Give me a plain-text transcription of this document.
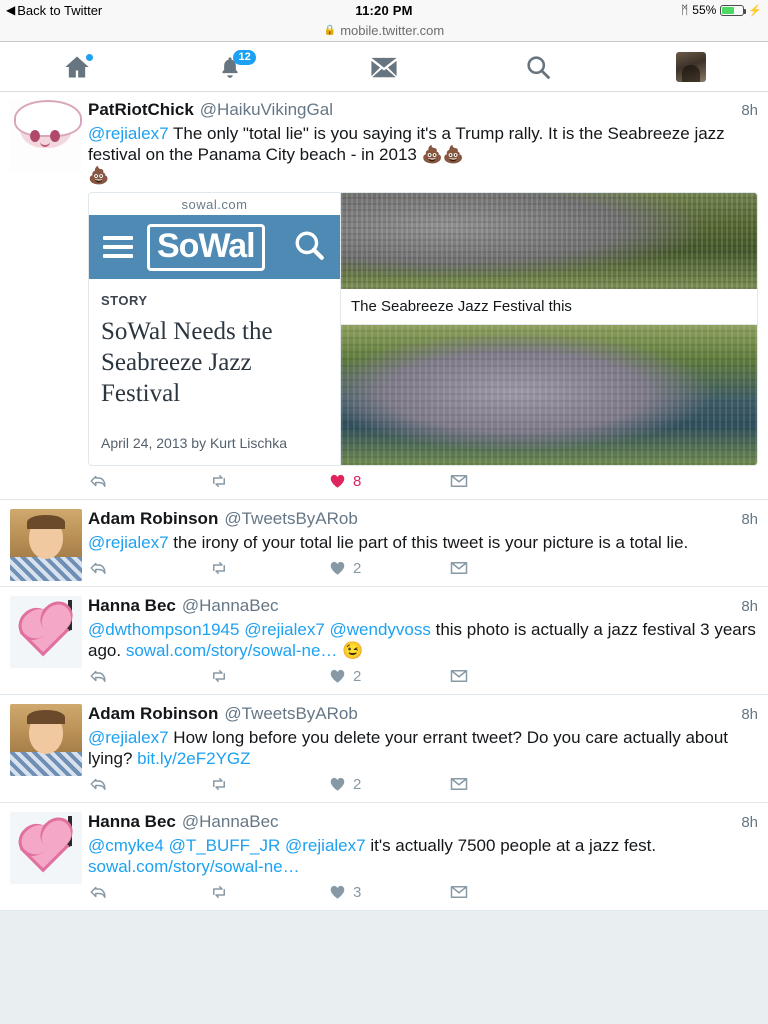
◀ Back to Twitter	11:20 PM	ᛗ 55%	⚡
🔒 mobile.twitter.com
12
PatRiotChick @HaikuVikingGal	8h
@rejialex7 The only "total lie" is you saying it's a Trump rally. It is the Seabreeze jazz festival on the Panama City beach - in 2013 💩💩
💩
sowal.com
SoWal
STORY
SoWal Needs the Seabreeze Jazz Festival
April 24, 2013 by Kurt Lischka
The Seabreeze Jazz Festival this
8
Adam Robinson @TweetsByARob	8h
@rejialex7 the irony of your total lie part of this tweet is your picture is a total lie.
2
Hanna Bec @HannaBec	8h
@dwthompson1945 @rejialex7 @wendyvoss this photo is actually a jazz festival 3 years ago. sowal.com/story/sowal-ne… 😉
2
Adam Robinson @TweetsByARob	8h
@rejialex7 How long before you delete your errant tweet? Do you care actually about lying? bit.ly/2eF2YGZ
2
Hanna Bec @HannaBec	8h
@cmyke4 @T_BUFF_JR @rejialex7 it's actually 7500 people at a jazz fest. sowal.com/story/sowal-ne…
3
